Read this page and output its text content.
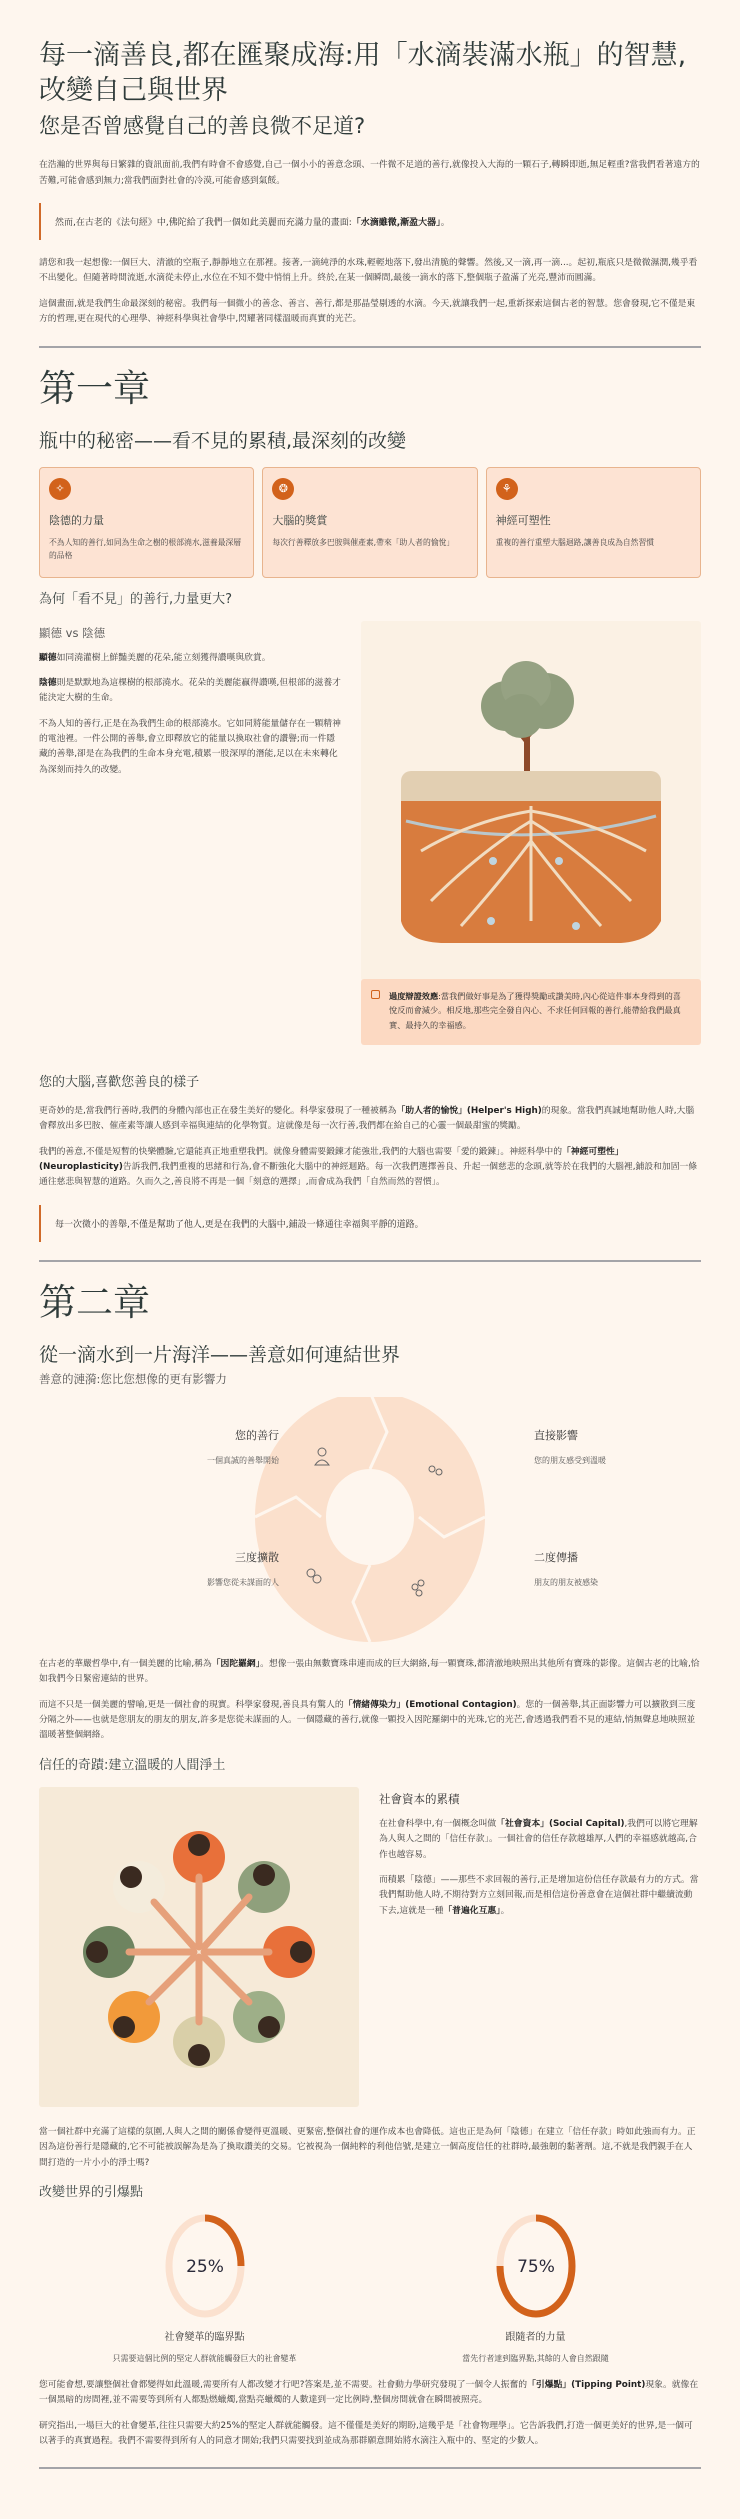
每一滴善良,都在匯聚成海:用「水滴裝滿水瓶」的智慧,改變自己與世界
您是否曾感覺自己的善良微不足道?

在浩瀚的世界與每日繁雜的資訊面前,我們有時會不會感覺,自己一個小小的善意念頭、一件微不足道的善行,就像投入大海的一顆石子,轉瞬即逝,無足輕重?當我們看著遠方的苦難,可能會感到無力;當我們面對社會的冷漠,可能會感到氣餒。

然而,在古老的《法句經》中,佛陀給了我們一個如此美麗而充滿力量的畫面:「水滴雖微,漸盈大器」。

請您和我一起想像:一個巨大、清澈的空瓶子,靜靜地立在那裡。接著,一滴純淨的水珠,輕輕地落下,發出清脆的聲響。然後,又一滴,再一滴...。起初,瓶底只是微微濕潤,幾乎看不出變化。但隨著時間流逝,水滴從未停止,水位在不知不覺中悄悄上升。終於,在某一個瞬間,最後一滴水的落下,整個瓶子盈滿了光亮,豐沛而圓滿。

這個畫面,就是我們生命最深刻的秘密。我們每一個微小的善念、善言、善行,都是那晶瑩剔透的水滴。今天,就讓我們一起,重新探索這個古老的智慧。您會發現,它不僅是東方的哲理,更在現代的心理學、神經科學與社會學中,閃耀著同樣溫暖而真實的光芒。

第一章
瓶中的秘密——看不見的累積,最深刻的改變
✧
陰德的力量
不為人知的善行,如同為生命之樹的根部澆水,滋養最深層的品格
❂
大腦的獎賞
每次行善釋放多巴胺與催產素,帶來「助人者的愉悅」
⚘
神經可塑性
重複的善行重塑大腦迴路,讓善良成為自然習慣
為何「看不見」的善行,力量更大?
顯德 vs 陰德

顯德如同澆灌樹上鮮豔美麗的花朵,能立刻獲得讚嘆與欣賞。

陰德則是默默地為這棵樹的根部澆水。花朵的美麗能贏得讚嘆,但根部的滋養才能決定大樹的生命。

不為人知的善行,正是在為我們生命的根部澆水。它如同將能量儲存在一顆精神的電池裡。一件公開的善舉,會立即釋放它的能量以換取社會的讚譽;而一件隱藏的善舉,卻是在為我們的生命本身充電,積累一股深厚的潛能,足以在未來轉化為深刻而持久的改變。

過度辯證效應:當我們做好事是為了獲得獎勵或讚美時,內心從這件事本身得到的喜悅反而會減少。相反地,那些完全發自內心、不求任何回報的善行,能帶給我們最真實、最持久的幸福感。
您的大腦,喜歡您善良的樣子

更奇妙的是,當我們行善時,我們的身體內部也正在發生美好的變化。科學家發現了一種被稱為「助人者的愉悅」(Helper's High)的現象。當我們真誠地幫助他人時,大腦會釋放出多巴胺、催產素等讓人感到幸福與連結的化學物質。這就像是每一次行善,我們都在給自己的心靈一個最甜蜜的獎勵。

我們的善意,不僅是短暫的快樂體驗,它還能真正地重塑我們。就像身體需要鍛鍊才能強壯,我們的大腦也需要「愛的鍛鍊」。神經科學中的「神經可塑性」(Neuroplasticity)告訴我們,我們重複的思緒和行為,會不斷強化大腦中的神經迴路。每一次我們選擇善良、升起一個慈悲的念頭,就等於在我們的大腦裡,鋪設和加固一條通往慈悲與智慧的道路。久而久之,善良將不再是一個「刻意的選擇」,而會成為我們「自然而然的習慣」。

每一次微小的善舉,不僅是幫助了他人,更是在我們的大腦中,鋪設一條通往幸福與平靜的道路。
第二章
從一滴水到一片海洋——善意如何連結世界
善意的漣漪:您比您想像的更有影響力
您的善行
一個真誠的善舉開始
直接影響
您的朋友感受到溫暖
二度傳播
朋友的朋友被感染
三度擴散
影響您從未謀面的人

在古老的華嚴哲學中,有一個美麗的比喻,稱為「因陀羅網」。想像一張由無數寶珠串連而成的巨大網絡,每一顆寶珠,都清澈地映照出其他所有寶珠的影像。這個古老的比喻,恰如我們今日緊密連結的世界。

而這不只是一個美麗的譬喻,更是一個社會的現實。科學家發現,善良具有驚人的「情緒傳染力」(Emotional Contagion)。您的一個善舉,其正面影響力可以擴散到三度分隔之外——也就是您朋友的朋友的朋友,許多是您從未謀面的人。一個隱藏的善行,就像一顆投入因陀羅網中的光珠,它的光芒,會透過我們看不見的連結,悄無聲息地映照並溫暖著整個網絡。

信任的奇蹟:建立溫暖的人間淨土
社會資本的累積

在社會科學中,有一個概念叫做「社會資本」(Social Capital),我們可以將它理解為人與人之間的「信任存款」。一個社會的信任存款越雄厚,人們的幸福感就越高,合作也越容易。

而積累「陰德」——那些不求回報的善行,正是增加這份信任存款最有力的方式。當我們幫助他人時,不期待對方立刻回報,而是相信這份善意會在這個社群中繼續流動下去,這就是一種「普遍化互惠」。

當一個社群中充滿了這樣的氛圍,人與人之間的關係會變得更溫暖、更緊密,整個社會的運作成本也會降低。這也正是為何「陰德」在建立「信任存款」時如此強而有力。正因為這份善行是隱藏的,它不可能被誤解為是為了換取讚美的交易。它被視為一個純粹的利他信號,是建立一個高度信任的社群時,最強韌的黏著劑。這,不就是我們親手在人間打造的一片小小的淨土嗎?

改變世界的引爆點
25%
社會變革的臨界點
只需要這個比例的堅定人群就能觸發巨大的社會變革
75%
跟隨者的力量
當先行者達到臨界點,其餘的人會自然跟隨

您可能會想,要讓整個社會都變得如此溫暖,需要所有人都改變才行吧?答案是,並不需要。社會動力學研究發現了一個令人振奮的「引爆點」(Tipping Point)現象。就像在一個黑暗的房間裡,並不需要等到所有人都點燃蠟燭,當點亮蠟燭的人數達到一定比例時,整個房間就會在瞬間被照亮。

研究指出,一場巨大的社會變革,往往只需要大約25%的堅定人群就能觸發。這不僅僅是美好的期盼,這幾乎是「社會物理學」。它告訴我們,打造一個更美好的世界,是一個可以著手的真實過程。我們不需要得到所有人的同意才開始;我們只需要找到並成為那群願意開始將水滴注入瓶中的、堅定的少數人。
